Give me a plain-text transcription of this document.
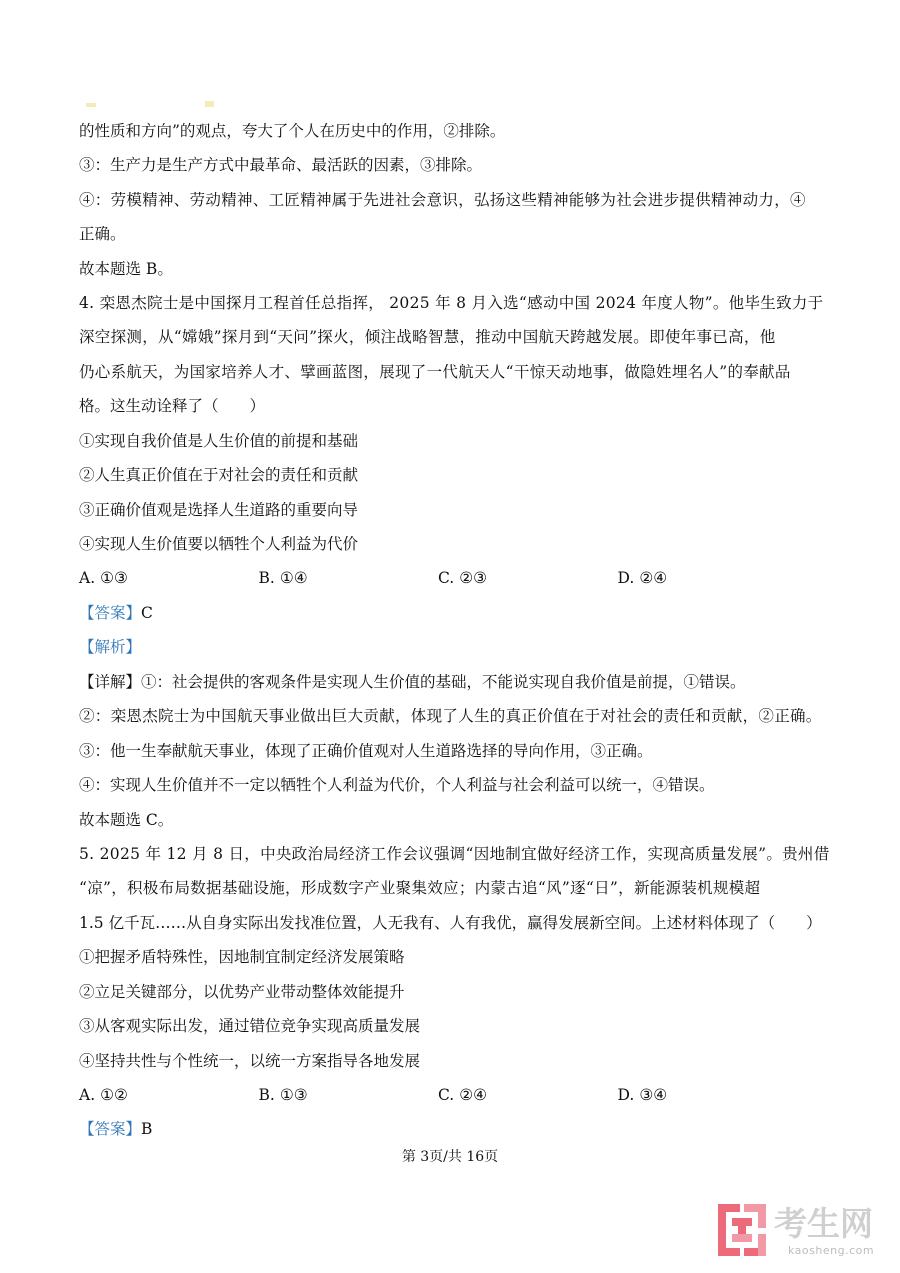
的性质和方向”的观点，夸大了个人在历史中的作用，②排除。
③：生产力是生产方式中最革命、最活跃的因素，③排除。
④：劳模精神、劳动精神、工匠精神属于先进社会意识，弘扬这些精神能够为社会进步提供精神动力，④
正确。
故本题选 B。
4. 栾恩杰院士是中国探月工程首任总指挥， 2025 年 8 月入选“感动中国 2024 年度人物”。他毕生致力于
深空探测，从“嫦娥”探月到“天问”探火，倾注战略智慧，推动中国航天跨越发展。即使年事已高，他
仍心系航天，为国家培养人才、擘画蓝图，展现了一代航天人“干惊天动地事，做隐姓埋名人”的奉献品
格。这生动诠释了（　　）
①实现自我价值是人生价值的前提和基础
②人生真正价值在于对社会的责任和贡献
③正确价值观是选择人生道路的重要向导
④实现人生价值要以牺牲个人利益为代价
A. ①③	B. ①④	C. ②③	D. ②④
【答案】C
【解析】
【详解】①：社会提供的客观条件是实现人生价值的基础，不能说实现自我价值是前提，①错误。
②：栾恩杰院士为中国航天事业做出巨大贡献，体现了人生的真正价值在于对社会的责任和贡献，②正确。
③：他一生奉献航天事业，体现了正确价值观对人生道路选择的导向作用，③正确。
④：实现人生价值并不一定以牺牲个人利益为代价，个人利益与社会利益可以统一，④错误。
故本题选 C。
5. 2025 年 12 月 8 日，中央政治局经济工作会议强调“因地制宜做好经济工作，实现高质量发展”。贵州借
“凉”，积极布局数据基础设施，形成数字产业聚集效应；内蒙古追“风”逐“日”，新能源装机规模超
1.5 亿千瓦……从自身实际出发找准位置，人无我有、人有我优，赢得发展新空间。上述材料体现了（　　）
①把握矛盾特殊性，因地制宜制定经济发展策略
②立足关键部分，以优势产业带动整体效能提升
③从客观实际出发，通过错位竞争实现高质量发展
④坚持共性与个性统一，以统一方案指导各地发展
A. ①②	B. ①③	C. ②④	D. ③④
【答案】B
第 3页/共 16页
考生网
kaosheng.com
